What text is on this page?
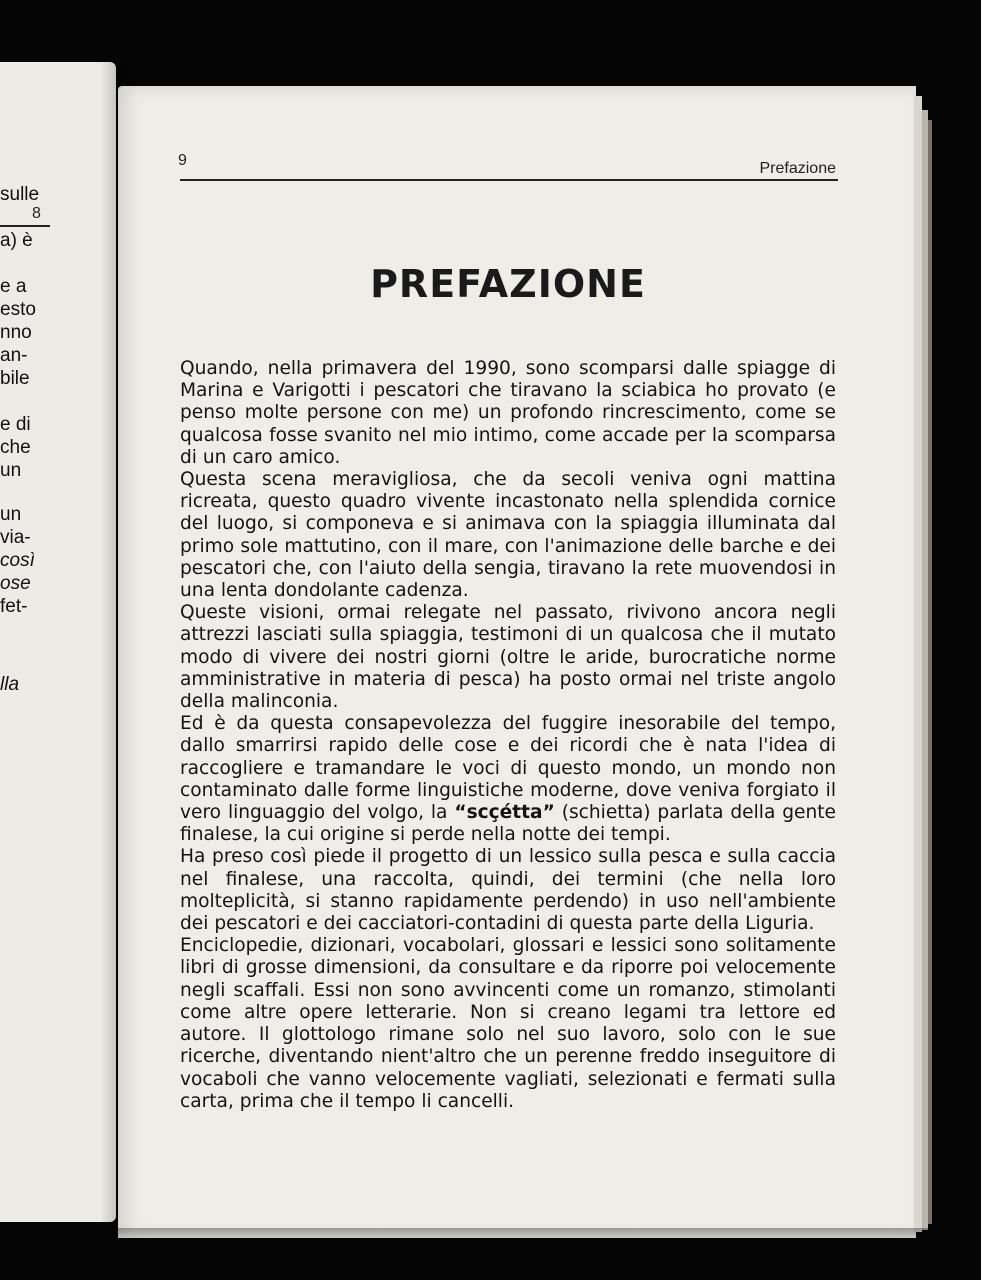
8
sulle
a) è
e a
esto
nno
an-
bile
e di
che
un
un
via-
così
ose
fet-
lla
9	Prefazione
PREFAZIONE

Quando, nella primavera del 1990, sono scomparsi dalle spiagge di Marina e Varigotti i pescatori che tiravano la sciabica ho provato (e penso molte persone con me) un profondo rincrescimento, come se qualcosa fosse svanito nel mio intimo, come accade per la scomparsa di un caro amico.

Questa scena meravigliosa, che da secoli veniva ogni mattina ricreata, questo quadro vivente incastonato nella splendida cornice del luogo, si componeva e si animava con la spiaggia illuminata dal primo sole mattutino, con il mare, con l'animazione delle barche e dei pescatori che, con l'aiuto della sengia, tiravano la rete muovendosi in una lenta dondolante cadenza.

Queste visioni, ormai relegate nel passato, rivivono ancora negli attrezzi lasciati sulla spiaggia, testimoni di un qualcosa che il mutato modo di vivere dei nostri giorni (oltre le aride, burocratiche norme amministrative in materia di pesca) ha posto ormai nel triste angolo della malinconia.

Ed è da questa consapevolezza del fuggire inesorabile del tempo, dallo smarrirsi rapido delle cose e dei ricordi che è nata l'idea di raccogliere e tramandare le voci di questo mondo, un mondo non contaminato dalle forme linguistiche moderne, dove veniva forgiato il vero linguaggio del volgo, la “scçétta” (schietta) parlata della gente finalese, la cui origine si perde nella notte dei tempi.

Ha preso così piede il progetto di un lessico sulla pesca e sulla caccia nel finalese, una raccolta, quindi, dei termini (che nella loro molteplicità, si stanno rapidamente perdendo) in uso nell'ambiente dei pescatori e dei cacciatori-contadini di questa parte della Liguria.

Enciclopedie, dizionari, vocabolari, glossari e lessici sono solitamente libri di grosse dimensioni, da consultare e da riporre poi velocemente negli scaffali. Essi non sono avvincenti come un romanzo, stimolanti come altre opere letterarie. Non si creano legami tra lettore ed autore. Il glottologo rimane solo nel suo lavoro, solo con le sue ricerche, diventando nient'altro che un perenne freddo inseguitore di vocaboli che vanno velocemente vagliati, selezionati e fermati sulla carta, prima che il tempo li cancelli.
